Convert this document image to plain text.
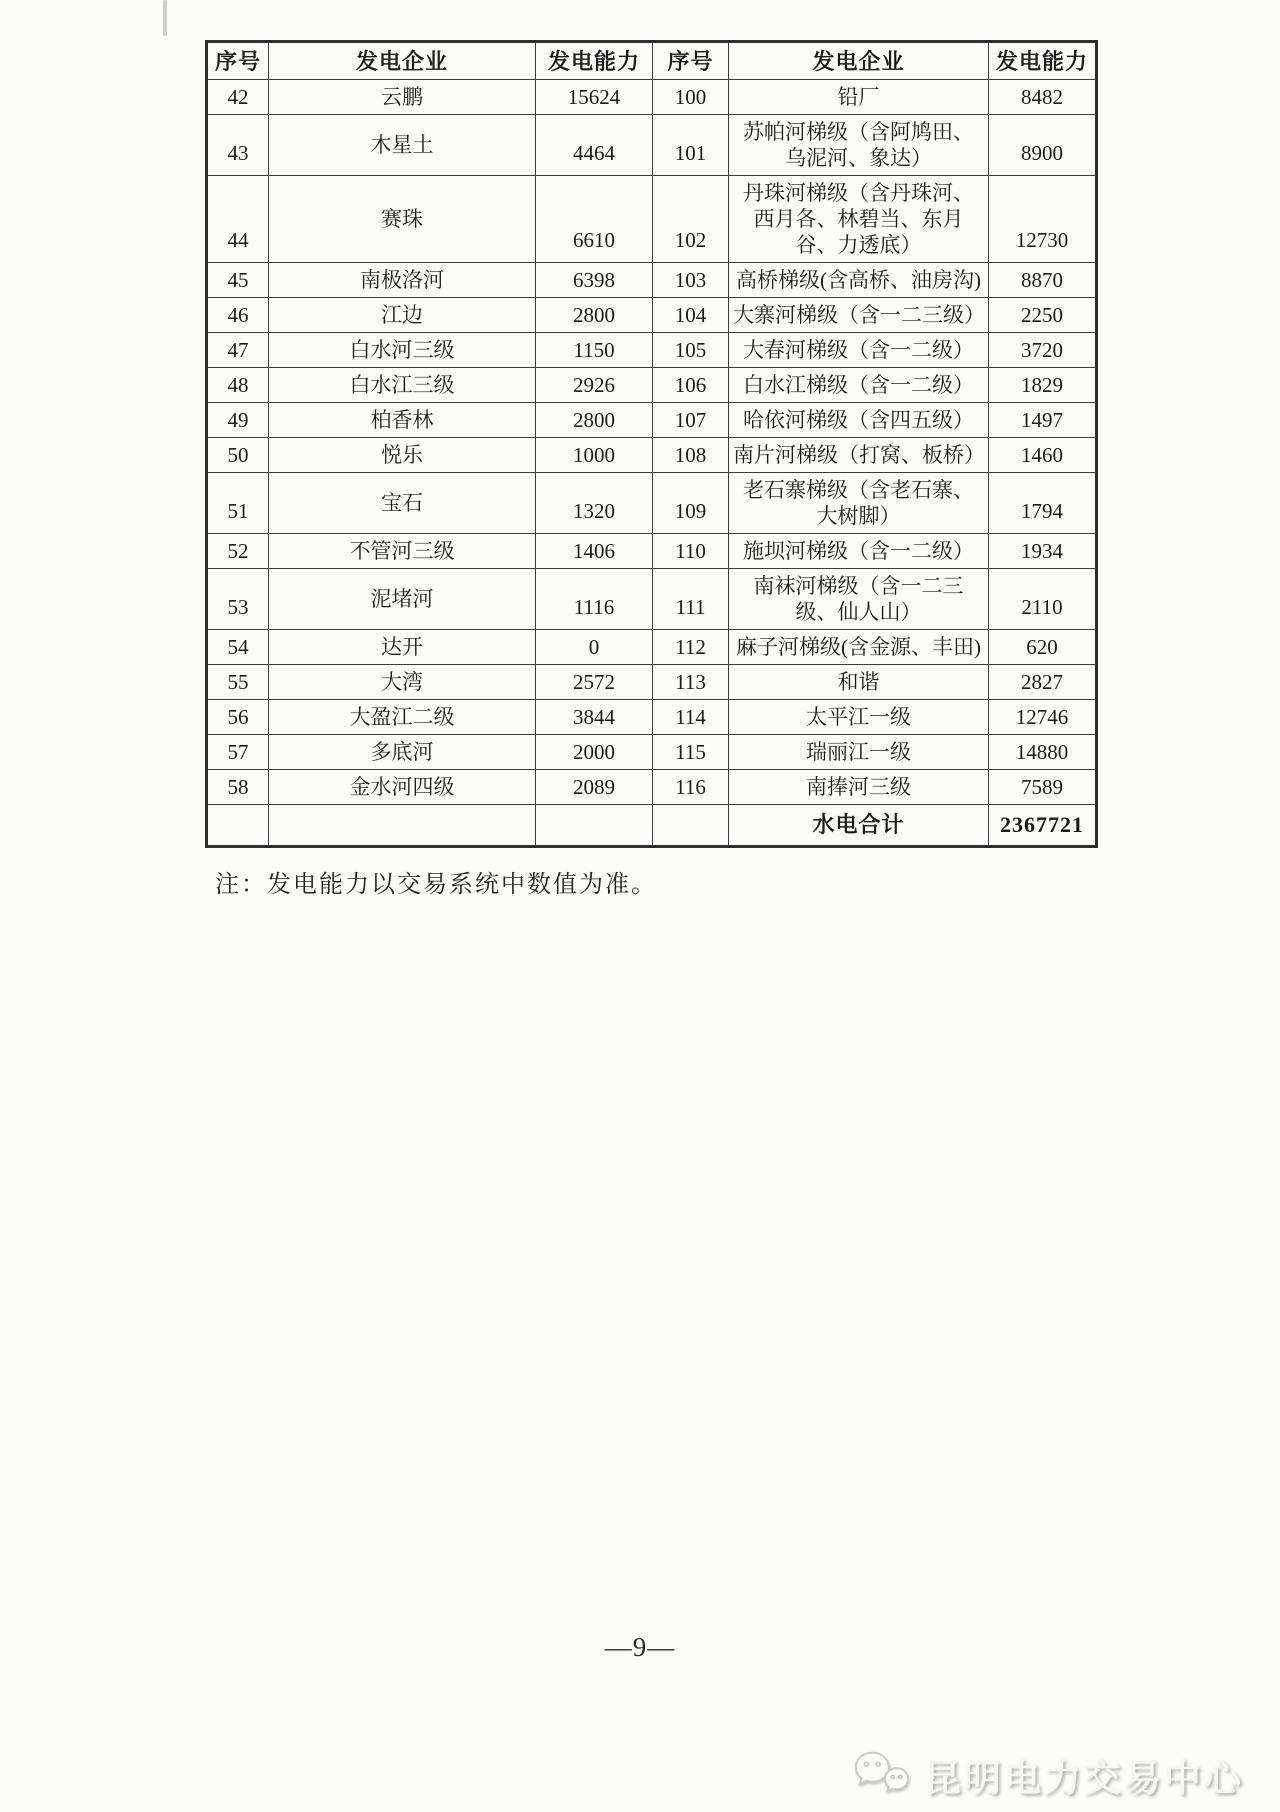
序号	发电企业	发电能力	序号	发电企业	发电能力
42	云鹏	15624	100	铅厂	8482
43	木星土	4464	101	苏帕河梯级（含阿鸠田、乌泥河、象达）	8900
44	赛珠	6610	102	丹珠河梯级（含丹珠河、西月各、林碧当、东月谷、力透底）	12730
45	南极洛河	6398	103	高桥梯级(含高桥、油房沟)	8870
46	江边	2800	104	大寨河梯级（含一二三级）	2250
47	白水河三级	1150	105	大春河梯级（含一二级）	3720
48	白水江三级	2926	106	白水江梯级（含一二级）	1829
49	柏香林	2800	107	哈依河梯级（含四五级）	1497
50	悦乐	1000	108	南片河梯级（打窝、板桥）	1460
51	宝石	1320	109	老石寨梯级（含老石寨、大树脚）	1794
52	不管河三级	1406	110	施坝河梯级（含一二级）	1934
53	泥堵河	1116	111	南袜河梯级（含一二三级、仙人山）	2110
54	达开	0	112	麻子河梯级(含金源、丰田)	620
55	大湾	2572	113	和谐	2827
56	大盈江二级	3844	114	太平江一级	12746
57	多底河	2000	115	瑞丽江一级	14880
58	金水河四级	2089	116	南捧河三级	7589
				水电合计	2367721
注：发电能力以交易系统中数值为准。
—9—
昆明电力交易中心
